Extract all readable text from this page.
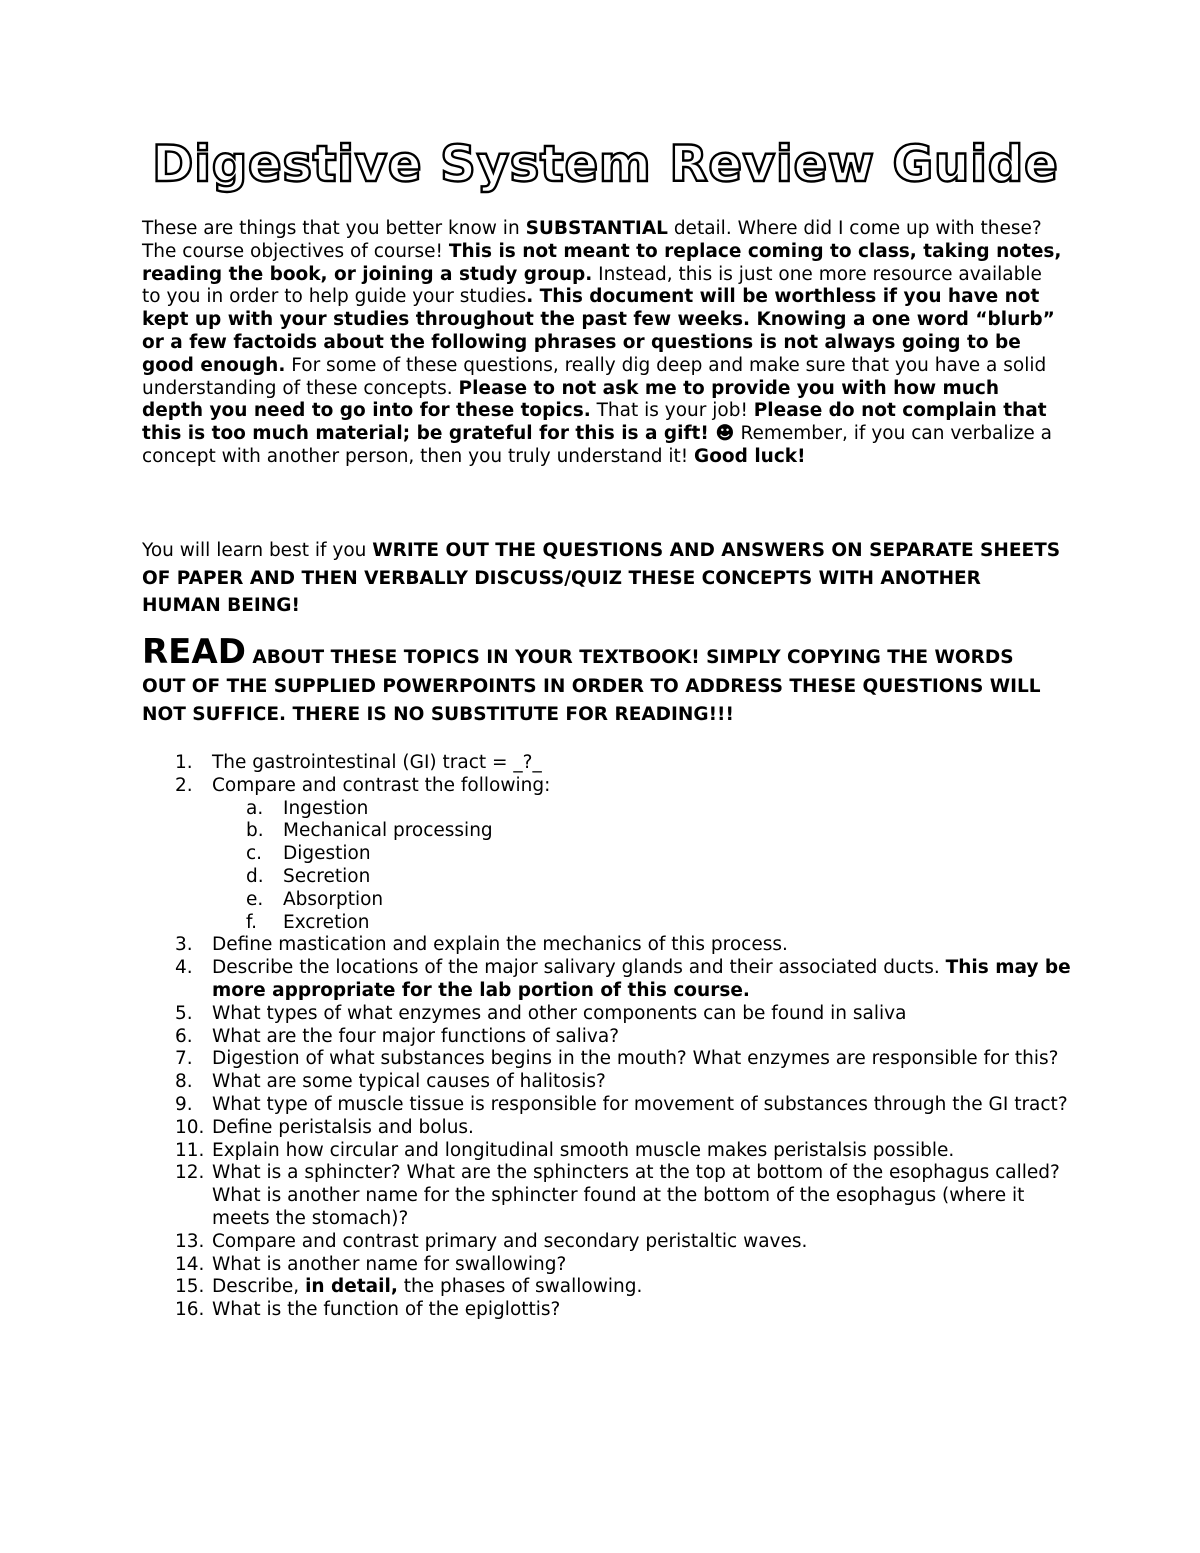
Digestive System Review Guide

These are things that you better know in SUBSTANTIAL detail. Where did I come up with these? The course objectives of course! This is not meant to replace coming to class, taking notes, reading the book, or joining a study group. Instead, this is just one more resource available to you in order to help guide your studies. This document will be worthless if you have not kept up with your studies throughout the past few weeks. Knowing a one word “blurb” or a few factoids about the following phrases or questions is not always going to be good enough. For some of these questions, really dig deep and make sure that you have a solid understanding of these concepts. Please to not ask me to provide you with how much depth you need to go into for these topics. That is your job! Please do not complain that this is too much material; be grateful for this is a gift! ☻ Remember, if you can verbalize a concept with another person, then you truly understand it! Good luck!

You will learn best if you WRITE OUT THE QUESTIONS AND ANSWERS ON SEPARATE SHEETS OF PAPER AND THEN VERBALLY DISCUSS/QUIZ THESE CONCEPTS WITH ANOTHER HUMAN BEING!
READ ABOUT THESE TOPICS IN YOUR TEXTBOOK! SIMPLY COPYING THE WORDS OUT OF THE SUPPLIED POWERPOINTS IN ORDER TO ADDRESS THESE QUESTIONS WILL NOT SUFFICE. THERE IS NO SUBSTITUTE FOR READING!!!
1. The gastrointestinal (GI) tract = _?_
2. Compare and contrast the following:
a. Ingestion
b. Mechanical processing
c. Digestion
d. Secretion
e. Absorption
f. Excretion
3. Define mastication and explain the mechanics of this process.
4. Describe the locations of the major salivary glands and their associated ducts. This may be more appropriate for the lab portion of this course.
5. What types of what enzymes and other components can be found in saliva
6. What are the four major functions of saliva?
7. Digestion of what substances begins in the mouth? What enzymes are responsible for this?
8. What are some typical causes of halitosis?
9. What type of muscle tissue is responsible for movement of substances through the GI tract?
10. Define peristalsis and bolus.
11. Explain how circular and longitudinal smooth muscle makes peristalsis possible.
12. What is a sphincter? What are the sphincters at the top at bottom of the esophagus called? What is another name for the sphincter found at the bottom of the esophagus (where it meets the stomach)?
13. Compare and contrast primary and secondary peristaltic waves.
14. What is another name for swallowing?
15. Describe, in detail, the phases of swallowing.
16. What is the function of the epiglottis?
